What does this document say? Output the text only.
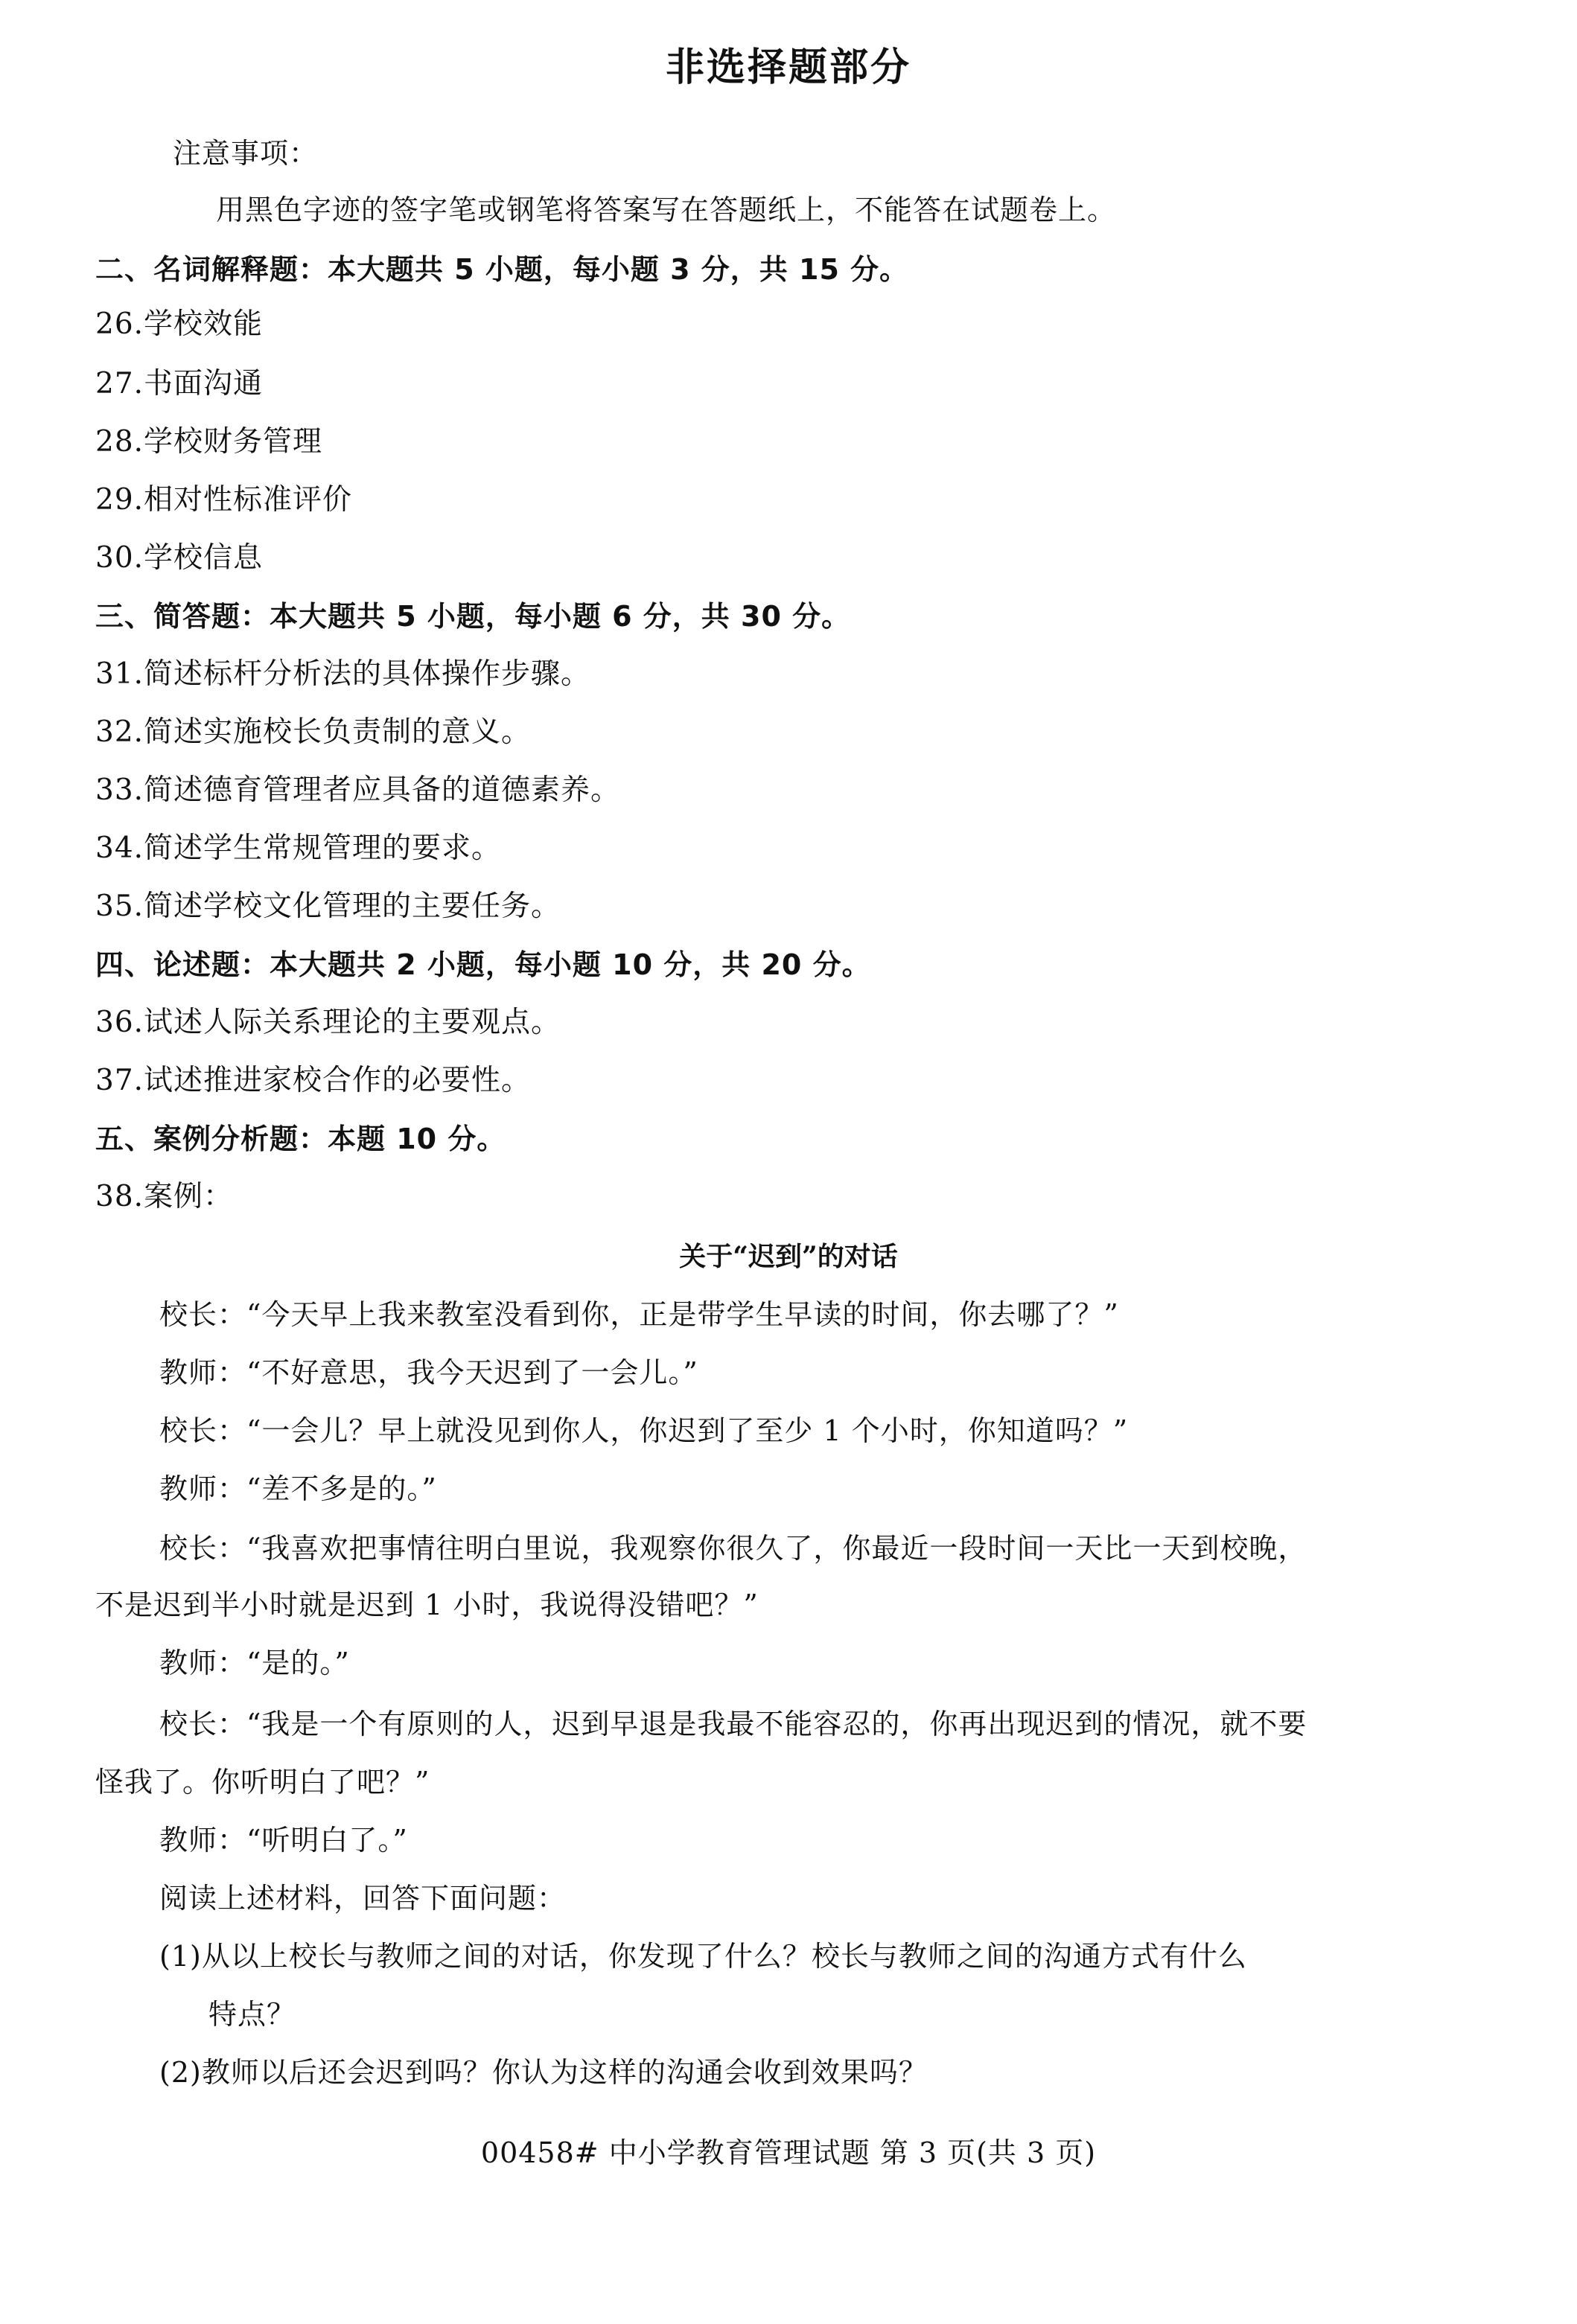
非选择题部分
注意事项：
用黑色字迹的签字笔或钢笔将答案写在答题纸上，不能答在试题卷上。
二、名词解释题：本大题共 5 小题，每小题 3 分，共 15 分。
26.学校效能
27.书面沟通
28.学校财务管理
29.相对性标准评价
30.学校信息
三、简答题：本大题共 5 小题，每小题 6 分，共 30 分。
31.简述标杆分析法的具体操作步骤。
32.简述实施校长负责制的意义。
33.简述德育管理者应具备的道德素养。
34.简述学生常规管理的要求。
35.简述学校文化管理的主要任务。
四、论述题：本大题共 2 小题，每小题 10 分，共 20 分。
36.试述人际关系理论的主要观点。
37.试述推进家校合作的必要性。
五、案例分析题：本题 10 分。
38.案例：
关于“迟到”的对话
校长：“今天早上我来教室没看到你，正是带学生早读的时间，你去哪了？”
教师：“不好意思，我今天迟到了一会儿。”
校长：“一会儿？早上就没见到你人，你迟到了至少 1 个小时，你知道吗？”
教师：“差不多是的。”
校长：“我喜欢把事情往明白里说，我观察你很久了，你最近一段时间一天比一天到校晚，
不是迟到半小时就是迟到 1 小时，我说得没错吧？”
教师：“是的。”
校长：“我是一个有原则的人，迟到早退是我最不能容忍的，你再出现迟到的情况，就不要
怪我了。你听明白了吧？”
教师：“听明白了。”
阅读上述材料，回答下面问题：
(1)从以上校长与教师之间的对话，你发现了什么？校长与教师之间的沟通方式有什么
特点？
(2)教师以后还会迟到吗？你认为这样的沟通会收到效果吗？
00458# 中小学教育管理试题 第 3 页(共 3 页)
